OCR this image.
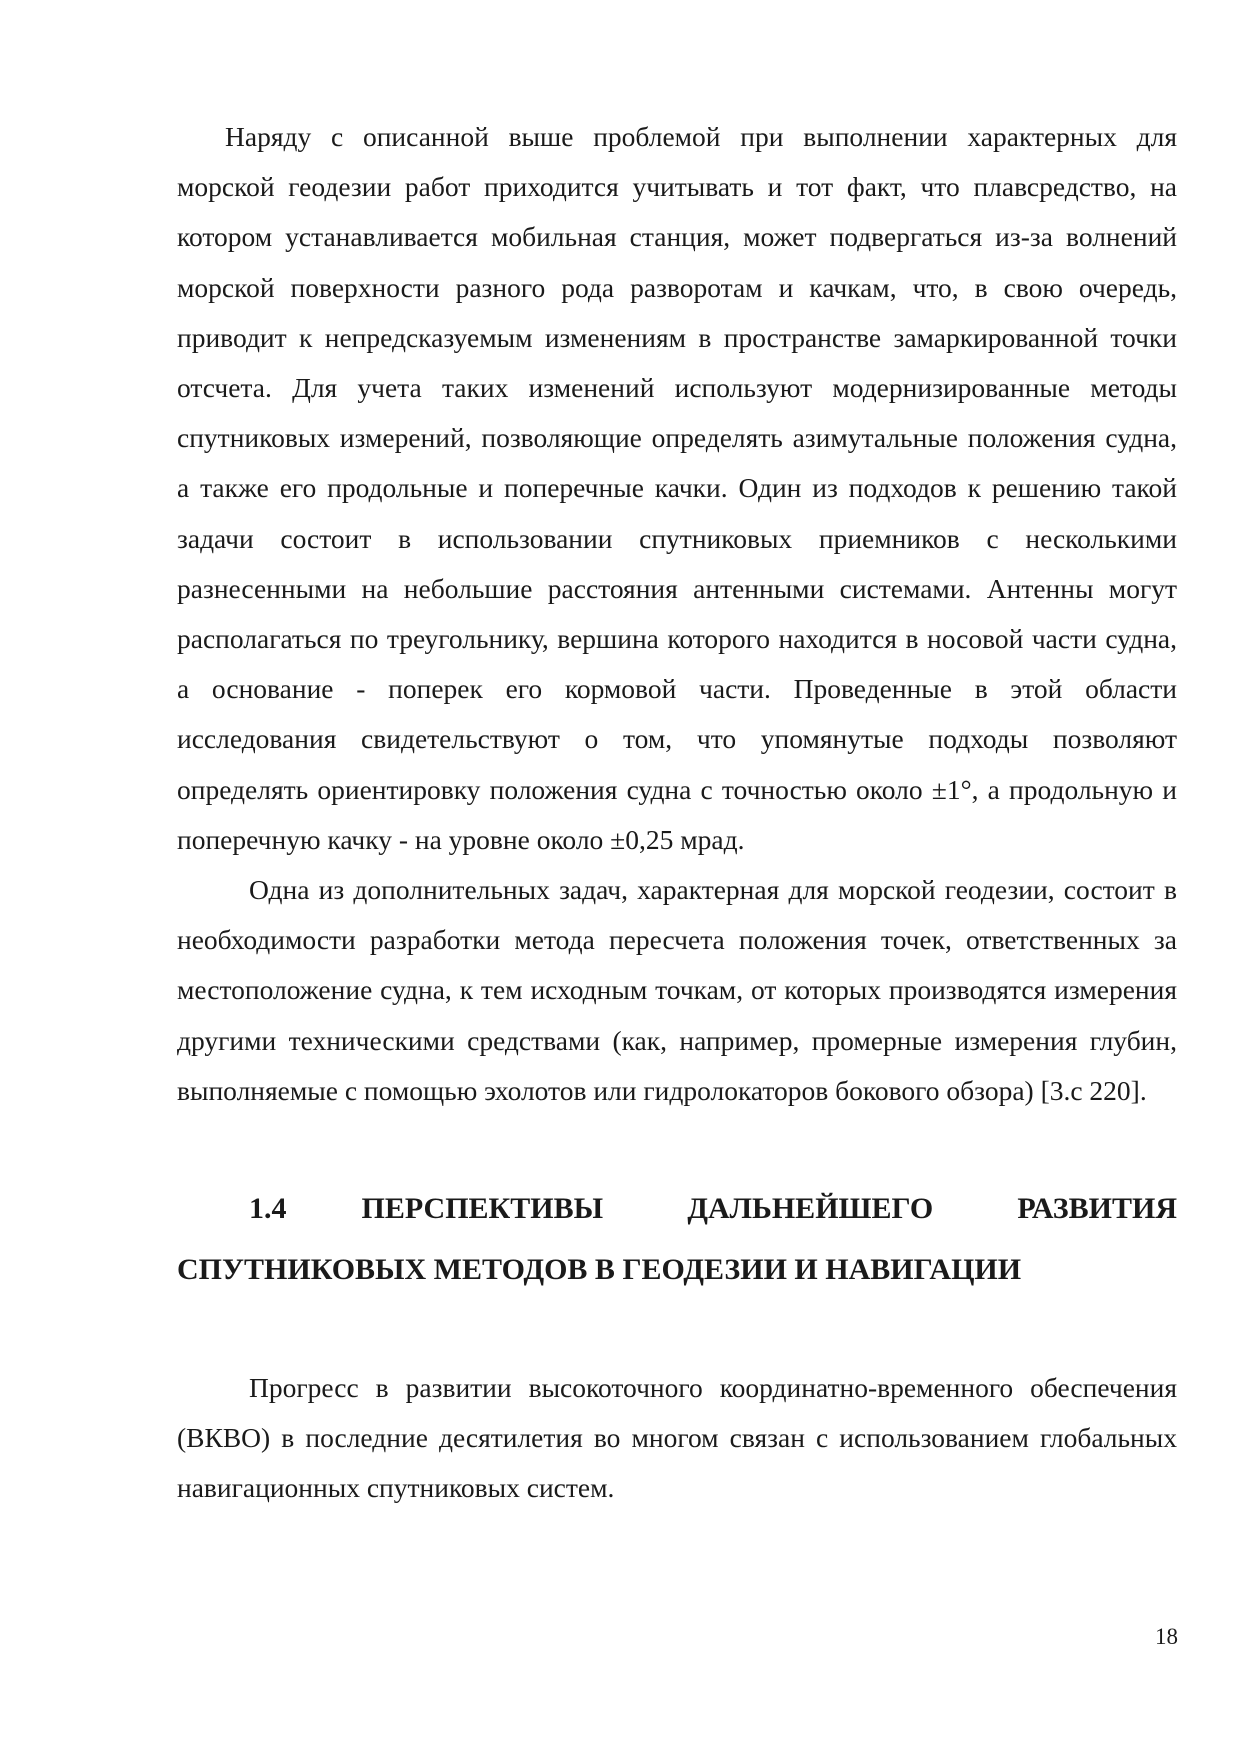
Наряду с описанной выше проблемой при выполнении характерных для морской геодезии работ приходится учитывать и тот факт, что плавсредство, на котором устанавливается мобильная станция, может подвергаться из-за волнений морской поверхности разного рода разворотам и качкам, что, в свою очередь, приводит к непредсказуемым изменениям в пространстве замаркированной точки отсчета. Для учета таких изменений используют модернизированные методы спутниковых измерений, позволяющие определять азимутальные положения судна, а также его продольные и поперечные качки. Один из подходов к решению такой задачи состоит в использовании спутниковых приемников с несколькими разнесенными на небольшие расстояния антенными системами. Антенны могут располагаться по треугольнику, вершина которого находится в носовой части судна, а основание - поперек его кормовой части. Проведенные в этой области исследования свидетельствуют о том, что упомянутые подходы позволяют определять ориентировку положения судна с точностью около ±1°, а продольную и поперечную качку - на уровне около ±0,25 мрад.

Одна из дополнительных задач, характерная для морской геодезии, состоит в необходимости разработки метода пересчета положения точек, ответственных за местоположение судна, к тем исходным точкам, от которых производятся измерения другими техническими средствами (как, например, промерные измерения глубин, выполняемые с помощью эхолотов или гидролокаторов бокового обзора) [3.с 220].

1.4   	ПЕРСПЕКТИВЫ ДАЛЬНЕЙШЕГО РАЗВИТИЯ СПУТНИКОВЫХ МЕТОДОВ В ГЕОДЕЗИИ И НАВИГАЦИИ

Прогресс в развитии высокоточного координатно-временного обеспечения (ВКВО) в последние десятилетия во многом связан с использованием глобальных навигационных спутниковых систем.

18
